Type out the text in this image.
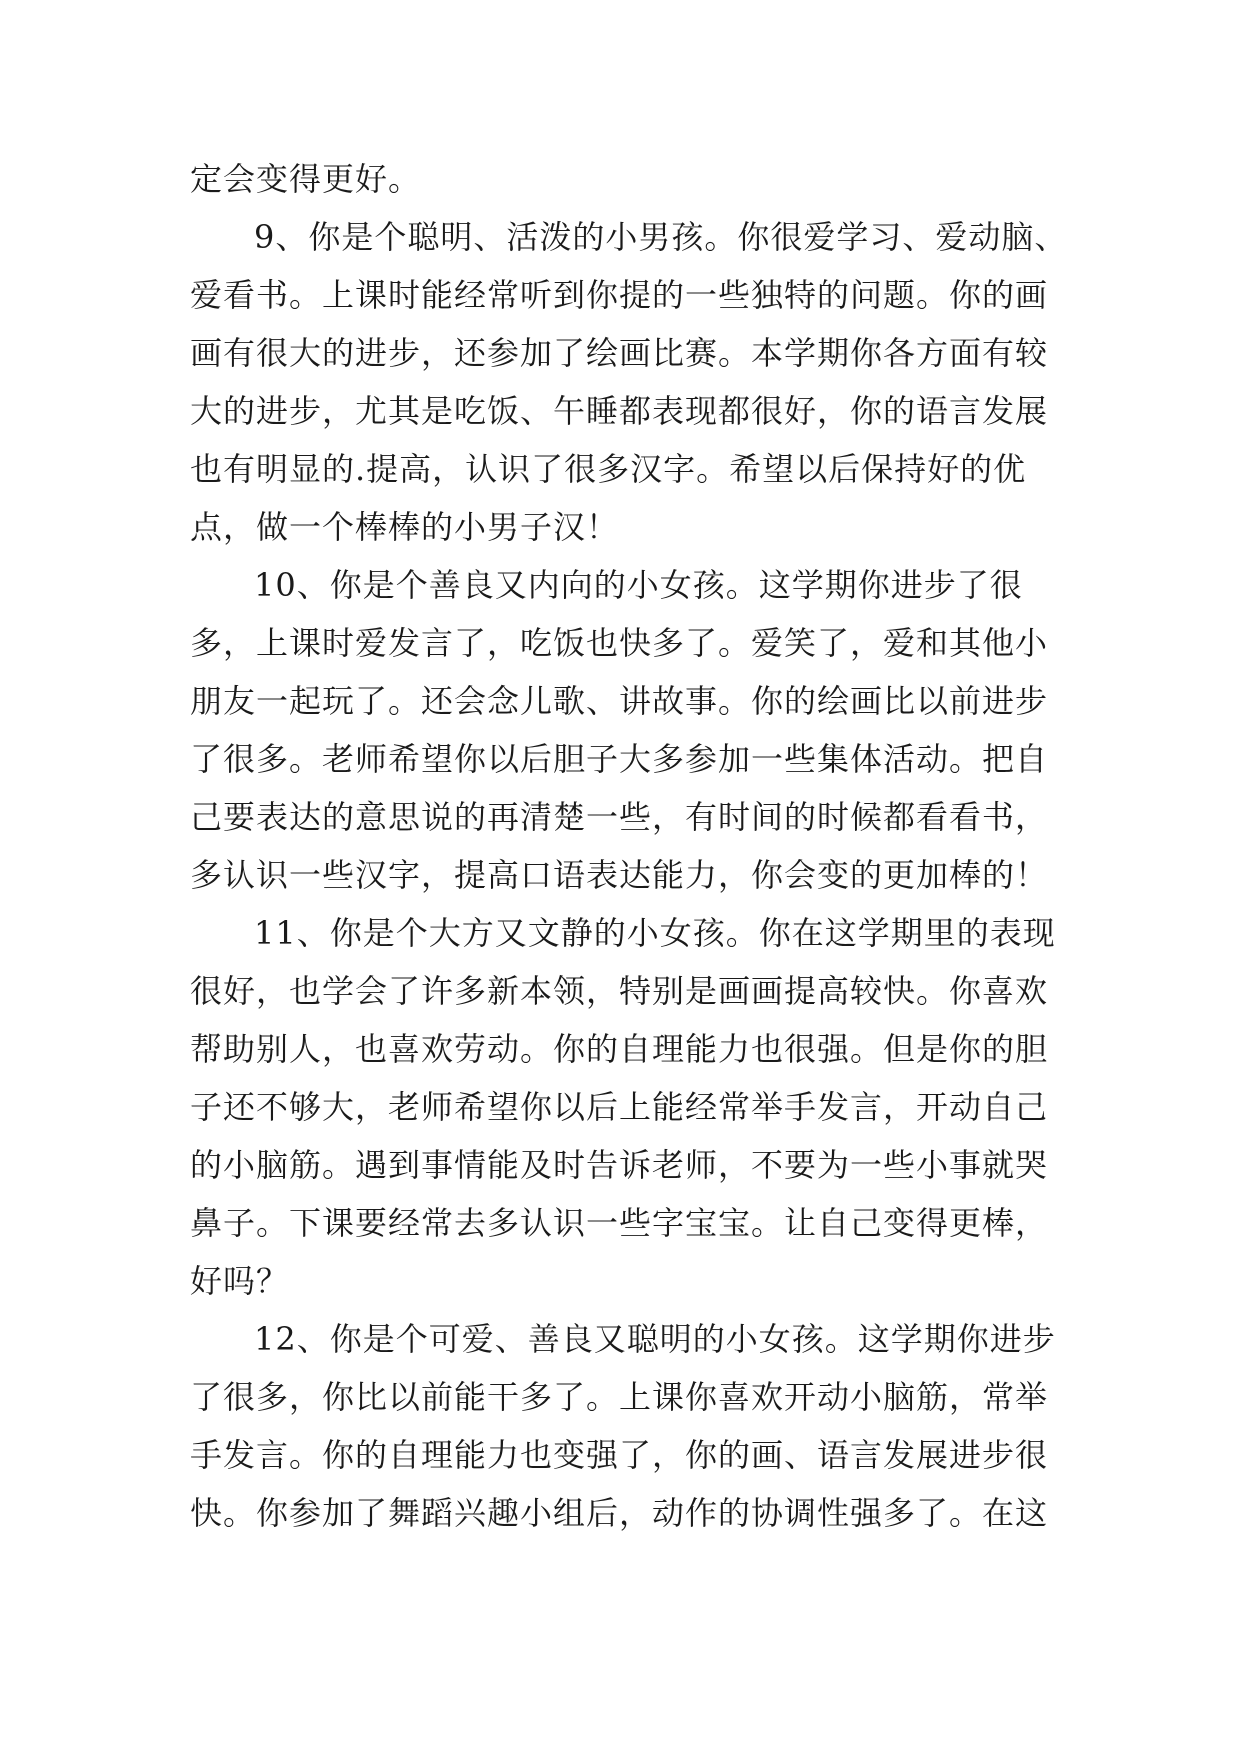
定会变得更好。

9、你是个聪明、活泼的小男孩。你很爱学习、爱动脑、爱看书。上课时能经常听到你提的一些独特的问题。你的画画有很大的进步，还参加了绘画比赛。本学期你各方面有较大的进步，尤其是吃饭、午睡都表现都很好，你的语言发展也有明显的.提高，认识了很多汉字。希望以后保持好的优点，做一个棒棒的小男子汉！

10、你是个善良又内向的小女孩。这学期你进步了很多，上课时爱发言了，吃饭也快多了。爱笑了，爱和其他小朋友一起玩了。还会念儿歌、讲故事。你的绘画比以前进步了很多。老师希望你以后胆子大多参加一些集体活动。把自己要表达的意思说的再清楚一些，有时间的时候都看看书，多认识一些汉字，提高口语表达能力，你会变的更加棒的！

11、你是个大方又文静的小女孩。你在这学期里的表现很好，也学会了许多新本领，特别是画画提高较快。你喜欢帮助别人，也喜欢劳动。你的自理能力也很强。但是你的胆子还不够大，老师希望你以后上能经常举手发言，开动自己的小脑筋。遇到事情能及时告诉老师，不要为一些小事就哭鼻子。下课要经常去多认识一些字宝宝。让自己变得更棒，好吗？

12、你是个可爱、善良又聪明的小女孩。这学期你进步了很多，你比以前能干多了。上课你喜欢开动小脑筋，常举手发言。你的自理能力也变强了，你的画、语言发展进步很快。你参加了舞蹈兴趣小组后，动作的协调性强多了。在这
